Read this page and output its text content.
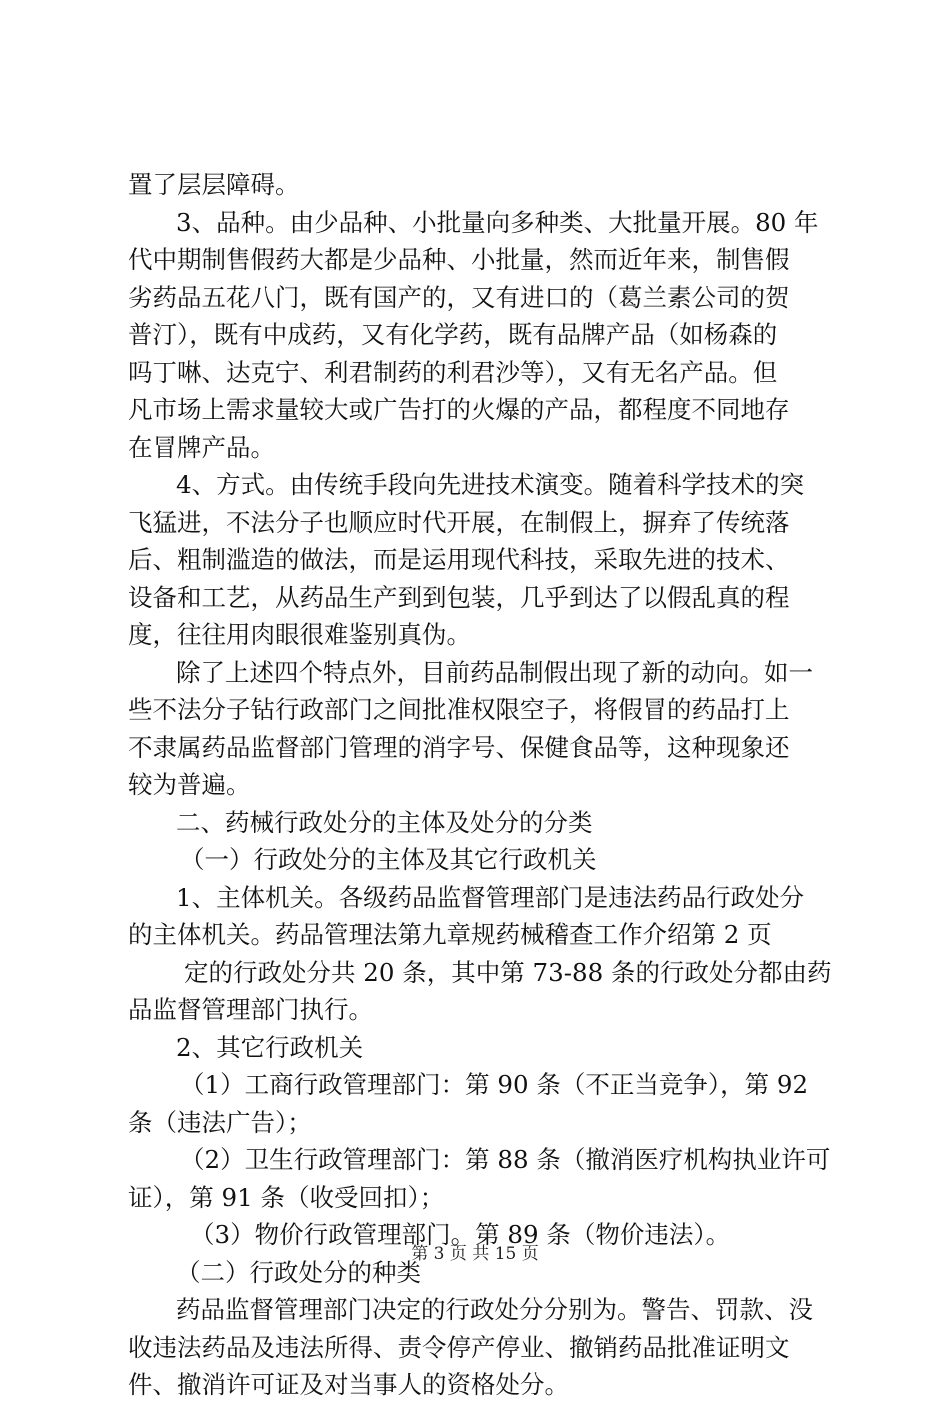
置了层层障碍。
3、品种。由少品种、小批量向多种类、大批量开展。80 年
代中期制售假药大都是少品种、小批量，然而近年来，制售假
劣药品五花八门，既有国产的，又有进口的（葛兰素公司的贺
普汀），既有中成药，又有化学药，既有品牌产品（如杨森的
吗丁啉、达克宁、利君制药的利君沙等），又有无名产品。但
凡市场上需求量较大或广告打的火爆的产品，都程度不同地存
在冒牌产品。
4、方式。由传统手段向先进技术演变。随着科学技术的突
飞猛进，不法分子也顺应时代开展，在制假上，摒弃了传统落
后、粗制滥造的做法，而是运用现代科技，采取先进的技术、
设备和工艺，从药品生产到到包装，几乎到达了以假乱真的程
度，往往用肉眼很难鉴别真伪。
除了上述四个特点外，目前药品制假出现了新的动向。如一
些不法分子钻行政部门之间批准权限空子，将假冒的药品打上
不隶属药品监督部门管理的消字号、保健食品等，这种现象还
较为普遍。
二、药械行政处分的主体及处分的分类
（一）行政处分的主体及其它行政机关
1、主体机关。各级药品监督管理部门是违法药品行政处分
的主体机关。药品管理法第九章规药械稽查工作介绍第 2 页
定的行政处分共 20 条，其中第 73-88 条的行政处分都由药
品监督管理部门执行。
2、其它行政机关
（1）工商行政管理部门：第 90 条（不正当竞争），第 92
条（违法广告）；
（2）卫生行政管理部门：第 88 条（撤消医疗机构执业许可
证），第 91 条（收受回扣）；
（3）物价行政管理部门。第 89 条（物价违法）。
（二）行政处分的种类
药品监督管理部门决定的行政处分分别为。警告、罚款、没
收违法药品及违法所得、责令停产停业、撤销药品批准证明文
件、撤消许可证及对当事人的资格处分。
第 3 页 共 15 页
